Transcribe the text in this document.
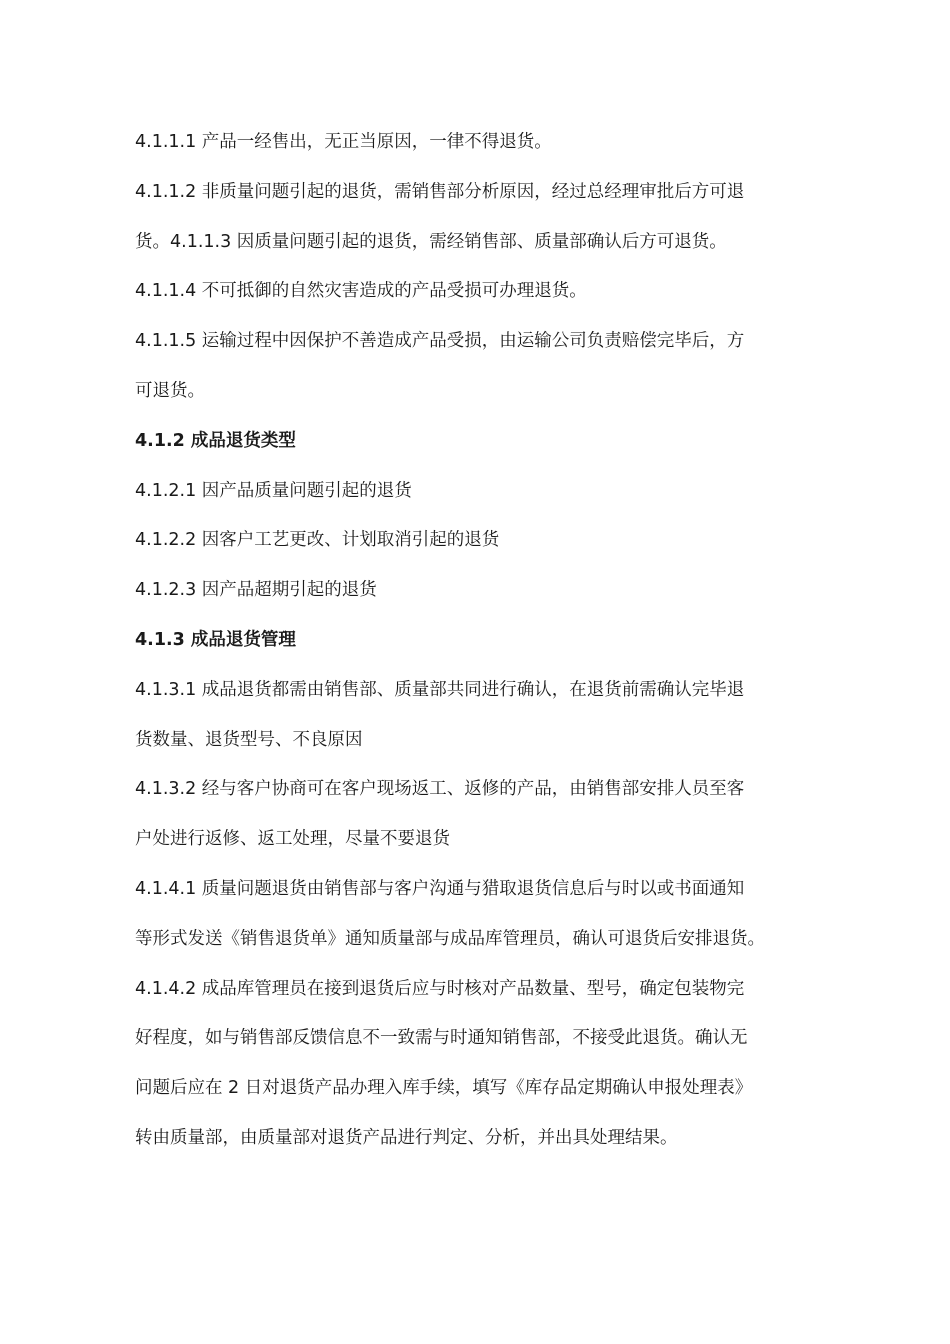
4.1.1.1 产品一经售出，无正当原因，一律不得退货。
4.1.1.2 非质量问题引起的退货，需销售部分析原因，经过总经理审批后方可退
货。4.1.1.3 因质量问题引起的退货，需经销售部、质量部确认后方可退货。
4.1.1.4 不可抵御的自然灾害造成的产品受损可办理退货。
4.1.1.5 运输过程中因保护不善造成产品受损，由运输公司负责赔偿完毕后，方
可退货。
4.1.2 成品退货类型
4.1.2.1 因产品质量问题引起的退货
4.1.2.2 因客户工艺更改、计划取消引起的退货
4.1.2.3 因产品超期引起的退货
4.1.3 成品退货管理
4.1.3.1 成品退货都需由销售部、质量部共同进行确认，在退货前需确认完毕退
货数量、退货型号、不良原因
4.1.3.2 经与客户协商可在客户现场返工、返修的产品，由销售部安排人员至客
户处进行返修、返工处理，尽量不要退货
4.1.4.1 质量问题退货由销售部与客户沟通与猎取退货信息后与时以或书面通知
等形式发送《销售退货单》通知质量部与成品库管理员，确认可退货后安排退货。
4.1.4.2 成品库管理员在接到退货后应与时核对产品数量、型号，确定包装物完
好程度，如与销售部反馈信息不一致需与时通知销售部，不接受此退货。确认无
问题后应在 2 日对退货产品办理入库手续，填写《库存品定期确认申报处理表》
转由质量部，由质量部对退货产品进行判定、分析，并出具处理结果。
